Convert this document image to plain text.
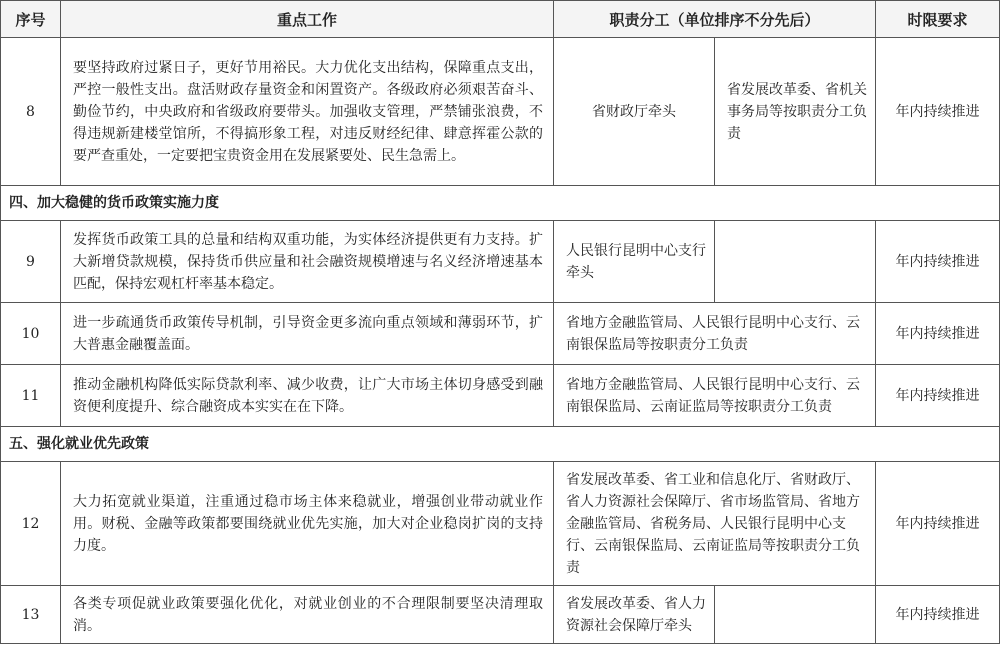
序号	重点工作	职责分工（单位排序不分先后）		时限要求
8	要坚持政府过紧日子，更好节用裕民。大力优化支出结构，保障重点支出，严控一般性支出。盘活财政存量资金和闲置资产。各级政府必须艰苦奋斗、勤俭节约，中央政府和省级政府要带头。加强收支管理，严禁铺张浪费，不得违规新建楼堂馆所，不得搞形象工程，对违反财经纪律、肆意挥霍公款的要严查重处，一定要把宝贵资金用在发展紧要处、民生急需上。	省财政厅牵头	省发展改革委、省机关事务局等按职责分工负责	年内持续推进
四、加大稳健的货币政策实施力度				
9	发挥货币政策工具的总量和结构双重功能，为实体经济提供更有力支持。扩大新增贷款规模，保持货币供应量和社会融资规模增速与名义经济增速基本匹配，保持宏观杠杆率基本稳定。	人民银行昆明中心支行牵头		年内持续推进
10	进一步疏通货币政策传导机制，引导资金更多流向重点领域和薄弱环节，扩大普惠金融覆盖面。	省地方金融监管局、人民银行昆明中心支行、云南银保监局等按职责分工负责		年内持续推进
11	推动金融机构降低实际贷款利率、减少收费，让广大市场主体切身感受到融资便利度提升、综合融资成本实实在在下降。	省地方金融监管局、人民银行昆明中心支行、云南银保监局、云南证监局等按职责分工负责		年内持续推进
五、强化就业优先政策				
12	大力拓宽就业渠道，注重通过稳市场主体来稳就业，增强创业带动就业作用。财税、金融等政策都要围绕就业优先实施，加大对企业稳岗扩岗的支持力度。	省发展改革委、省工业和信息化厅、省财政厅、省人力资源社会保障厅、省市场监管局、省地方金融监管局、省税务局、人民银行昆明中心支行、云南银保监局、云南证监局等按职责分工负责		年内持续推进
13	各类专项促就业政策要强化优化，对就业创业的不合理限制要坚决清理取消。	省发展改革委、省人力资源社会保障厅牵头		年内持续推进
